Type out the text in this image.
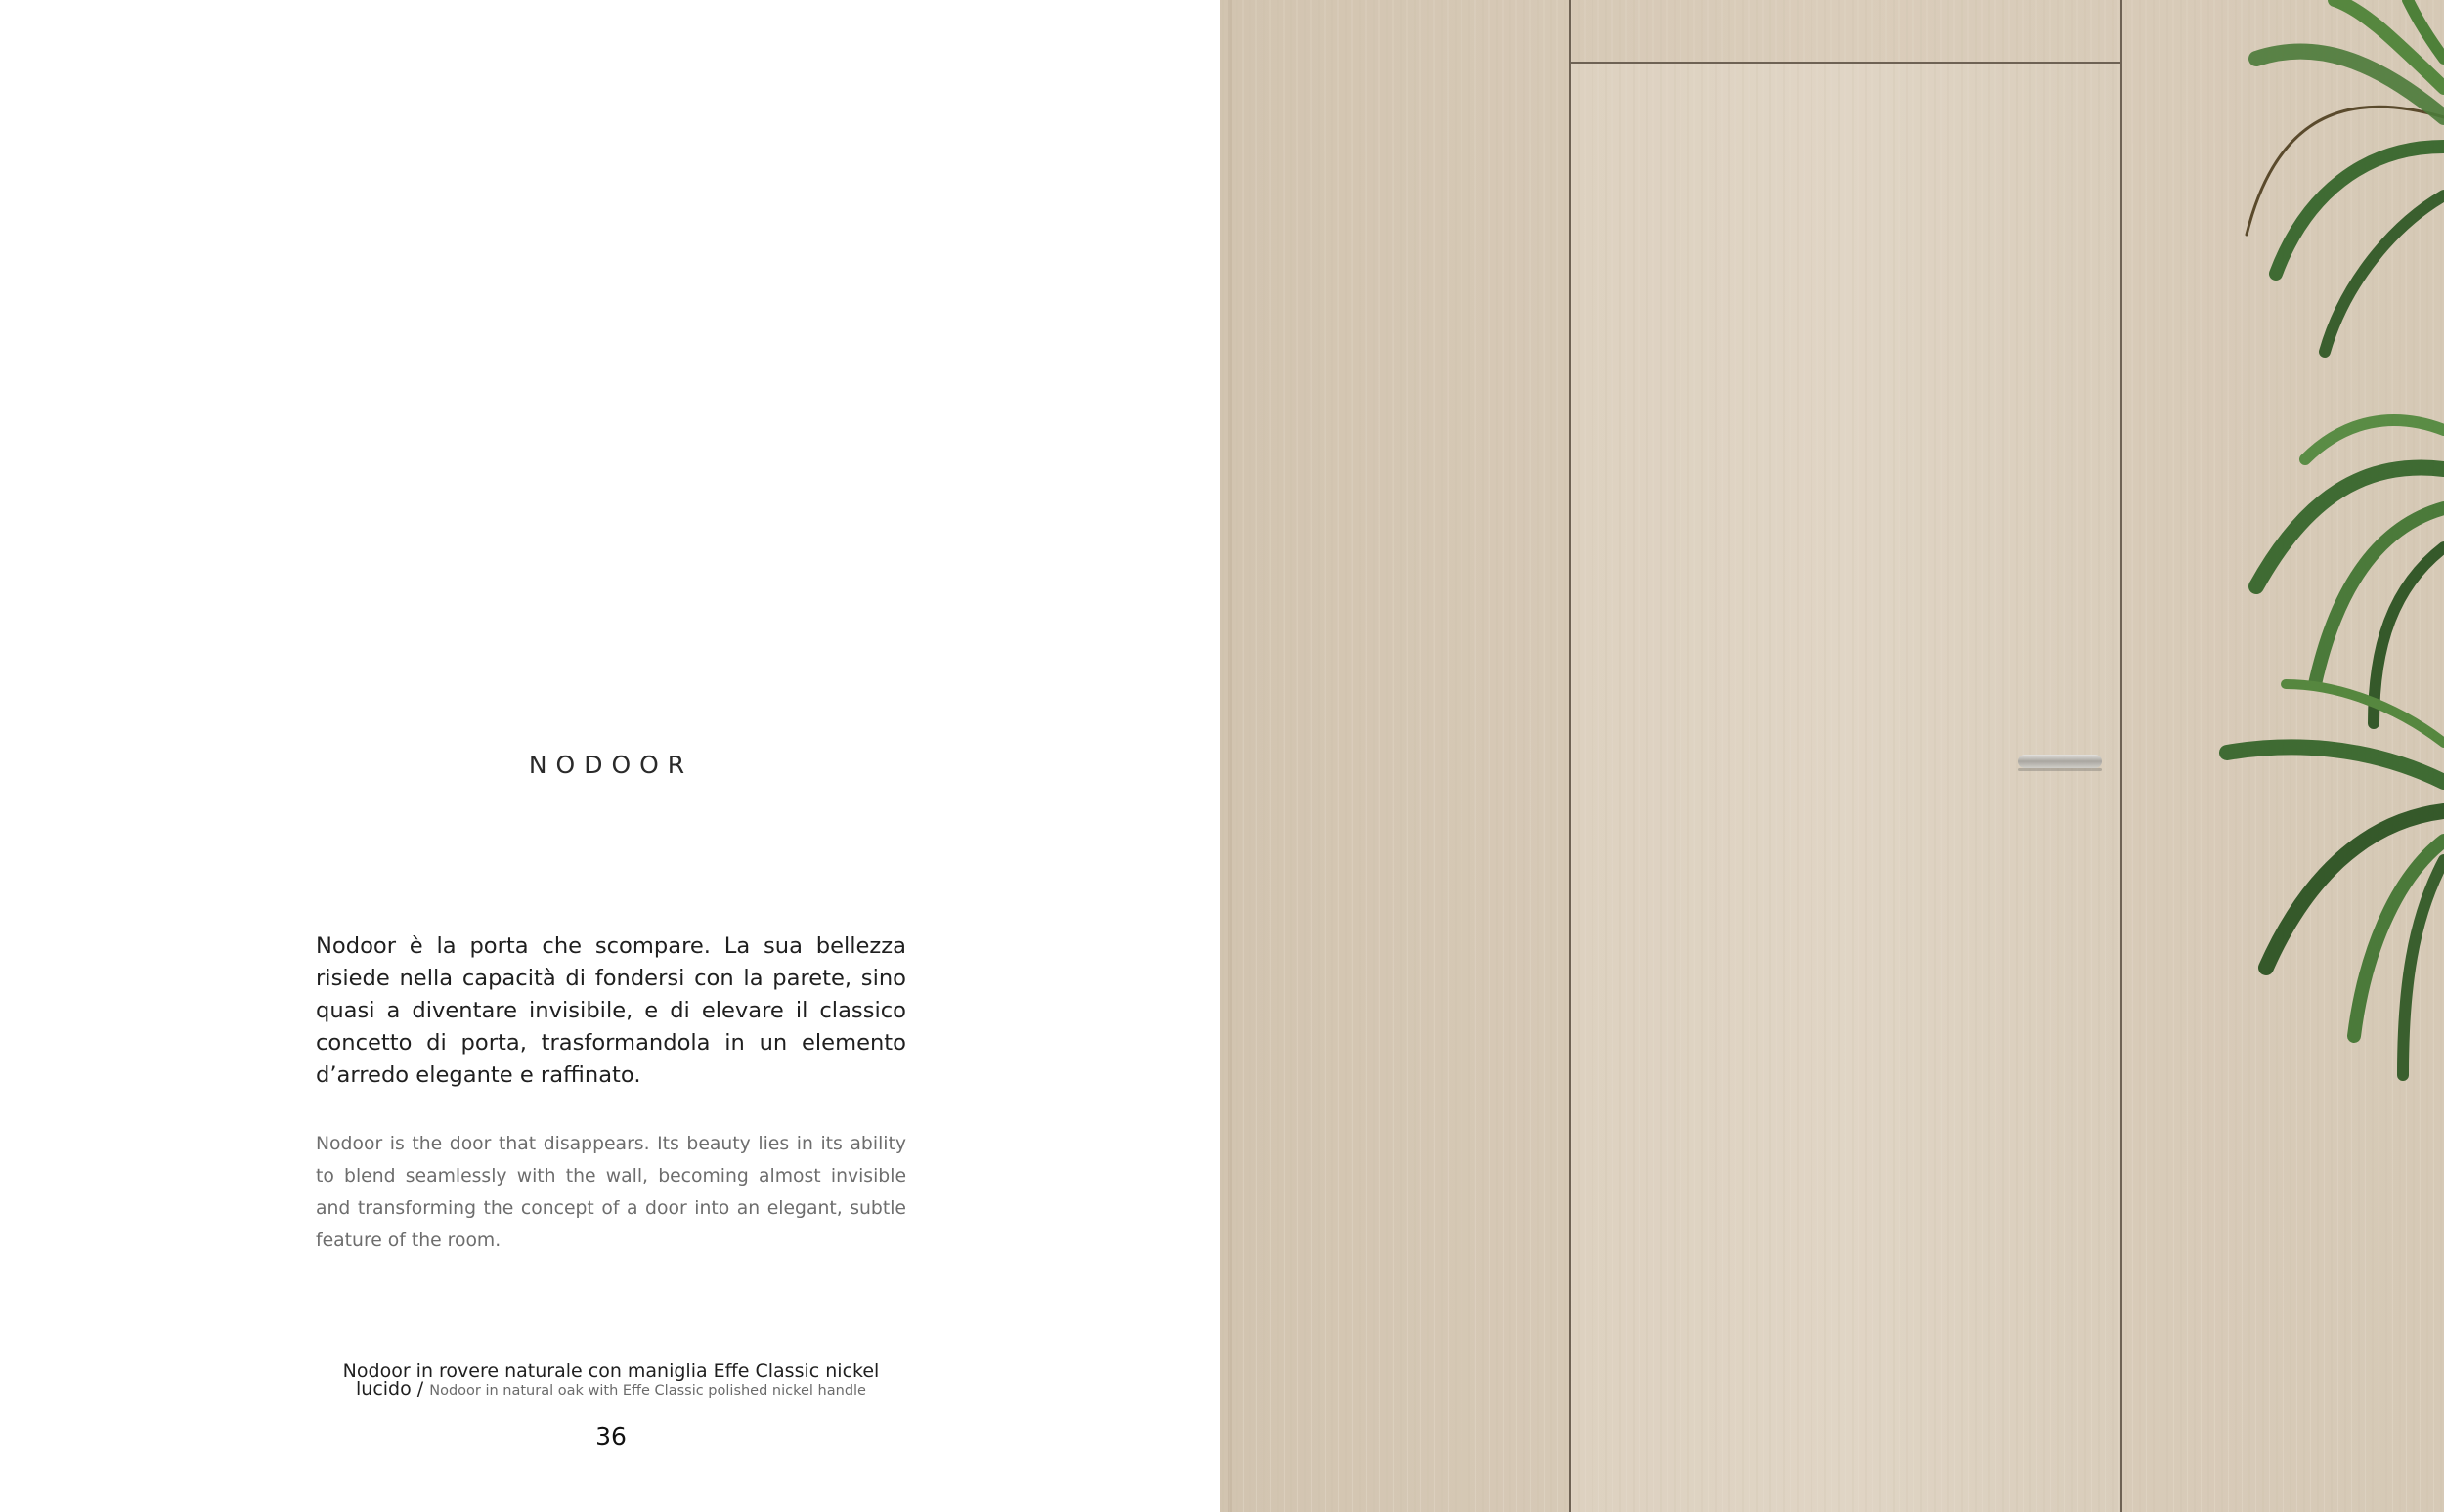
NODOOR

Nodoor è la porta che scompare. La sua bellezza risiede nella capacità di fondersi con la parete, sino quasi a diventare invisibile, e di elevare il classico concetto di porta, trasformandola in un elemento d’arredo elegante e raffinato.

Nodoor is the door that disappears. Its beauty lies in its ability to blend seamlessly with the wall, becoming almost invisible and transforming the concept of a door into an elegant, subtle feature of the room.

Nodoor in rovere naturale con maniglia Effe Classic nickel lucido / Nodoor in natural oak with Effe Classic polished nickel handle
36
